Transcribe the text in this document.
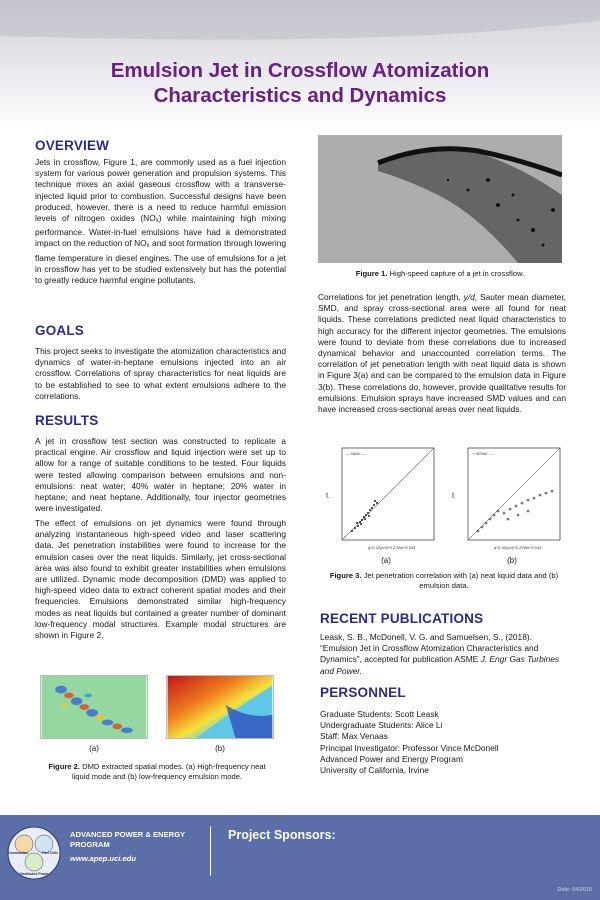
Emulsion Jet in Crossflow Atomization
Characteristics and Dynamics
OVERVIEW
Jets in crossflow, Figure 1, are commonly used as a fuel injection system for various power generation and propulsion systems. This technique mixes an axial gaseous crossflow with a transverse-injected liquid prior to combustion. Successful designs have been produced, however, there is a need to reduce harmful emission levels of nitrogen oxides (NOx) while maintaining high mixing performance. Water-in-fuel emulsions have had a demonstrated impact on the reduction of NOx and soot formation through lowering flame temperature in diesel engines. The use of emulsions for a jet in crossflow has yet to be studied extensively but has the potential to greatly reduce harmful engine pollutants.
GOALS
This project seeks to investigate the atomization characteristics and dynamics of water-in-heptane emulsions injected into an air crossflow. Correlations of spray characteristics for neat liquids are to be established to see to what extent emulsions adhere to the correlations.
RESULTS
A jet in crossflow test section was constructed to replicate a practical engine. Air crossflow and liquid injection were set up to allow for a range of suitable conditions to be tested. Four liquids were tested allowing comparison between emulsions and non-emulsions: neat water; 40% water in heptane; 20% water in heptane; and neat heptane. Additionally, four injector geometries were investigated.
The effect of emulsions on jet dynamics were found through analyzing instantaneous high-speed video and laser scattering data. Jet penetration instabilities were found to increase for the emulsion cases over the neat liquids. Similarly, jet cross-sectional area was also found to exhibit greater instabilities when emulsions are utilized. Dynamic mode decomposition (DMD) was applied to high-speed video data to extract coherent spatial modes and their frequencies. Emulsions demonstrated similar high-frequency modes as neat liquids but contained a greater number of dominant low-frequency modal structures. Example modal structures are shown in Figure 2.
(a)	(b)
Figure 2. DMD extracted spatial modes. (a) High-frequency neat liquid mode and (b) low-frequency emulsion mode.
Figure 1. High-speed capture of a jet in crossflow.
Correlations for jet penetration length, y/d, Sauter mean diameter, SMD, and spray cross-sectional area were all found for neat liquids. These correlations predicted neat liquid characteristics to high accuracy for the different injector geometries. The emulsions were found to deviate from these correlations due to increased dynamical behavior and unaccounted correlation terms. The correlation of jet penetration length with neat liquid data is shown in Figure 3(a) and can be compared to the emulsion data in Figure 3(b). These correlations do, however, provide qualitative results for emulsions. Emulsion sprays have increased SMD values and can have increased cross-sectional areas over neat liquids.
— Neat ----
y/d
q^0.42(x/d)^0.27We^0.043
+ 40%W ----
y/d
q^0.42(x/d)^0.27We^0.043
(a)	(b)
Figure 3. Jet penetration correlation with (a) neat liquid data and (b) emulsion data.
RECENT PUBLICATIONS
Leask, S. B., McDonell, V. G. and Samuelsen, S., (2018). “Emulsion Jet in Crossflow Atomization Characteristics and Dynamics”, accepted for publication ASME J. Engr Gas Turbines and Power.
PERSONNEL
Graduate Students: Scott Leask
Undergraduate Students: Alice Li
Staff: Max Venaas
Principal Investigator: Professor Vince McDonell
Advanced Power and Energy Program
University of California, Irvine
Combustion	Fuel Cells
Distributed Power
ADVANCED POWER & ENERGY
PROGRAM
www.apep.uci.edu
Project Sponsors:
Date: 04/2018
